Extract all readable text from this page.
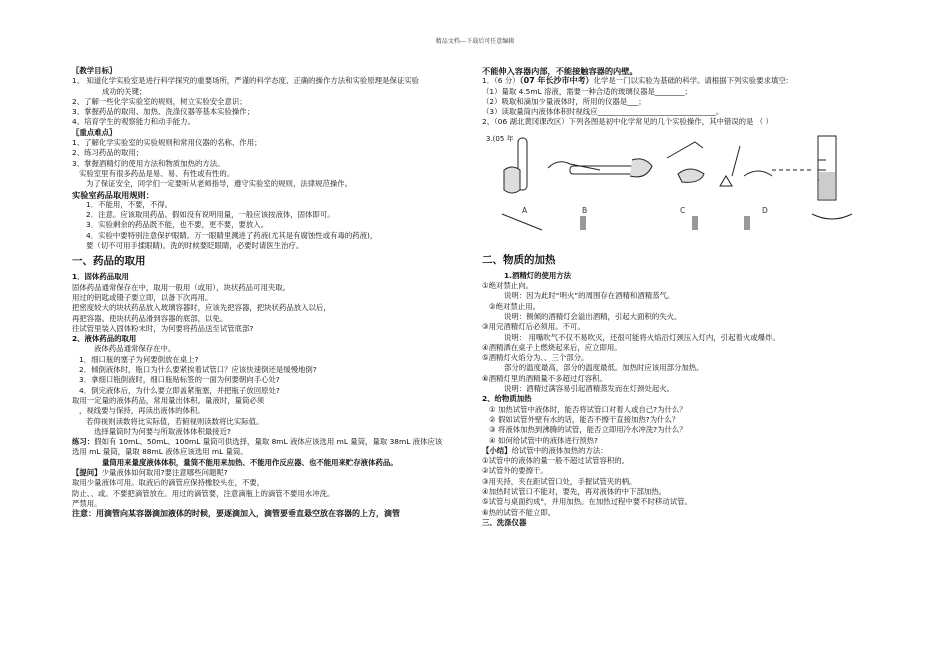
精品文档---下载后可任意编辑
〖教学目标〗
1、 知道化学实验室是进行科学探究的重要场所，严谨的科学态度、正确的操作方法和实验原理是保证实验
成功的关键；
2、了解一些化学实验室的规则，树立实验安全意识；
3、掌握药品的取用、加热、洗涤仪器等基本实验操作；
4、培育学生的观察能力和动手能力。
〖重点难点〗
1、了解化学实验室的实验规则和常用仪器的名称、作用；
2、练习药品的取用；
3、掌握酒精灯的使用方法和物质加热的方法。
实验室里有很多药品是易、易、有性或有性的。
为了保证安全，同学们一定要听从老师指导，遵守实验室的规则，法律规范操作。
实验室药品取用规则：
1．不能用，不要，不得。
2．注意。应该取用药品。假如没有说明用量，一般应该按液体，固体即可。
3．实验剩余的药品既不能，也不要，更不要，要放入。
4．实验中要特别注意保护眼睛。万一眼睛里溅进了药液(尤其是有腐蚀性或有毒的药液)，
要（切不可用手揉眼睛)。洗的时候要眨眼睛，必要时请医生治疗。
一、药品的取用
1．固体药品取用
固体药品通常保存在中，取用一般用（或用），块状药品可用夹取。
用过的钥匙或镊子要立即，以备下次再用。
把密度较大的块状药品放入玻璃容器时，应该先把容器，把块状药品放入以后，
再把容器。使块状药品滑到容器的底部，以免。
往试管里装入固体粉末时，为何要将药品送至试管底部?
2、液体药品的取用
液体药品通常保存在中。
1．细口瓶的塞子为何要倒放在桌上?
2．倾倒液体时，瓶口为什么要紧挨着试管口？应该快速倒还是缓慢地倒?
3．拿细口瓶倒液时，细口瓶贴标签的一面为何要朝向手心处?
4．倒完液体后，为什么要立即盖紧瓶塞，并把瓶子放回原处?
取用一定量的液体药品，常用量出体积。量液时，量筒必须
，视线要与保持，再读出液体的体积。
若仰视则读数将比实际值，若俯视则读数将比实际值。
选择量筒时为何要与所取液体体积最接近?
练习：假如有 10mL、50mL、100mL 量筒可供选择，量取 8mL 液体应该选用 mL 量筒，量取 38mL 液体应该
选用 mL 量筒，量取 88mL 液体应该选用 mL 量筒。
量筒用来量度液体体积，量筒不能用来加热、不能用作反应器、也不能用来贮存液体药品。
【提问】少量液体如何取用?要注意哪些问题呢?
取用少量液体可用。取液后的滴管应保持橡胶头在，不要，
防止、、或。不要把滴管放在。用过的滴管要，注意滴瓶上的滴管不要用水冲洗。
严禁用。
注意：用滴管向某容器滴加液体的时候，要逐滴加入，滴管要垂直悬空放在容器的上方，滴管
不能伸入容器内部，不能接触容器的内壁。
1．（6 分）（07 年长沙市中考）化学是一门以实验为基础的科学。请根据下列实验要求填空:
（1）量取 4.5mL 溶液，需要一种合适的玻璃仪器是________；
（2）吸取和滴加少量液体时，所用的仪器是___；
（3）读取量筒内液体体积时视线应________________________________。
2、（06 湖北黄冈课改区）下列各图是初中化学常见的几个实验操作，其中错误的是 （ ）
3.(05 年
A	B	C	D
二、物质的加热
1.酒精灯的使用方法
①绝对禁止向。
说明：因为此时“明火”的周围存在酒精和酒精蒸气。
②绝对禁止用。
说明：侧倾的酒精灯会溢出酒精，引起大面积的失火。
③用完酒精灯后必须用。不可。
说明： 用嘴吹气不仅不易吹灭，还很可能将火焰沿灯颈压入灯内，引起着火或爆炸。
④酒精洒在桌子上燃烧起来后，应立即用。
⑤酒精灯火焰分为、、三个部分。
部分的温度最高，部分的温度最低。加热时应该用部分加热。
⑥酒精灯里的酒精量不多超过灯容积。
说明：酒精过满容易引起酒精蒸发而在灯颈处起火。
2、给物质加热
① 加热试管中液体时，能否将试管口对着人或自己?为什么？
② 假如试管外壁有水的话，能否不擦干直接加热?为什么？
③ 将液体加热到沸腾的试管，能否立即用冷水冲洗?为什么？
④ 如何给试管中的液体进行预热?
【小结】给试管中的液体加热的方法：
①试管中的液体的量一般不超过试管容积的。
②试管外的要擦干。
③用夹持，夹在距试管口处，手握试管夹的柄。
④加热时试管口不能对，要先，再对液体的中下部加热。
⑤试管与桌面约成°，并用加热。在加热过程中要不时移动试管。
⑥热的试管不能立即。
三、洗涤仪器
